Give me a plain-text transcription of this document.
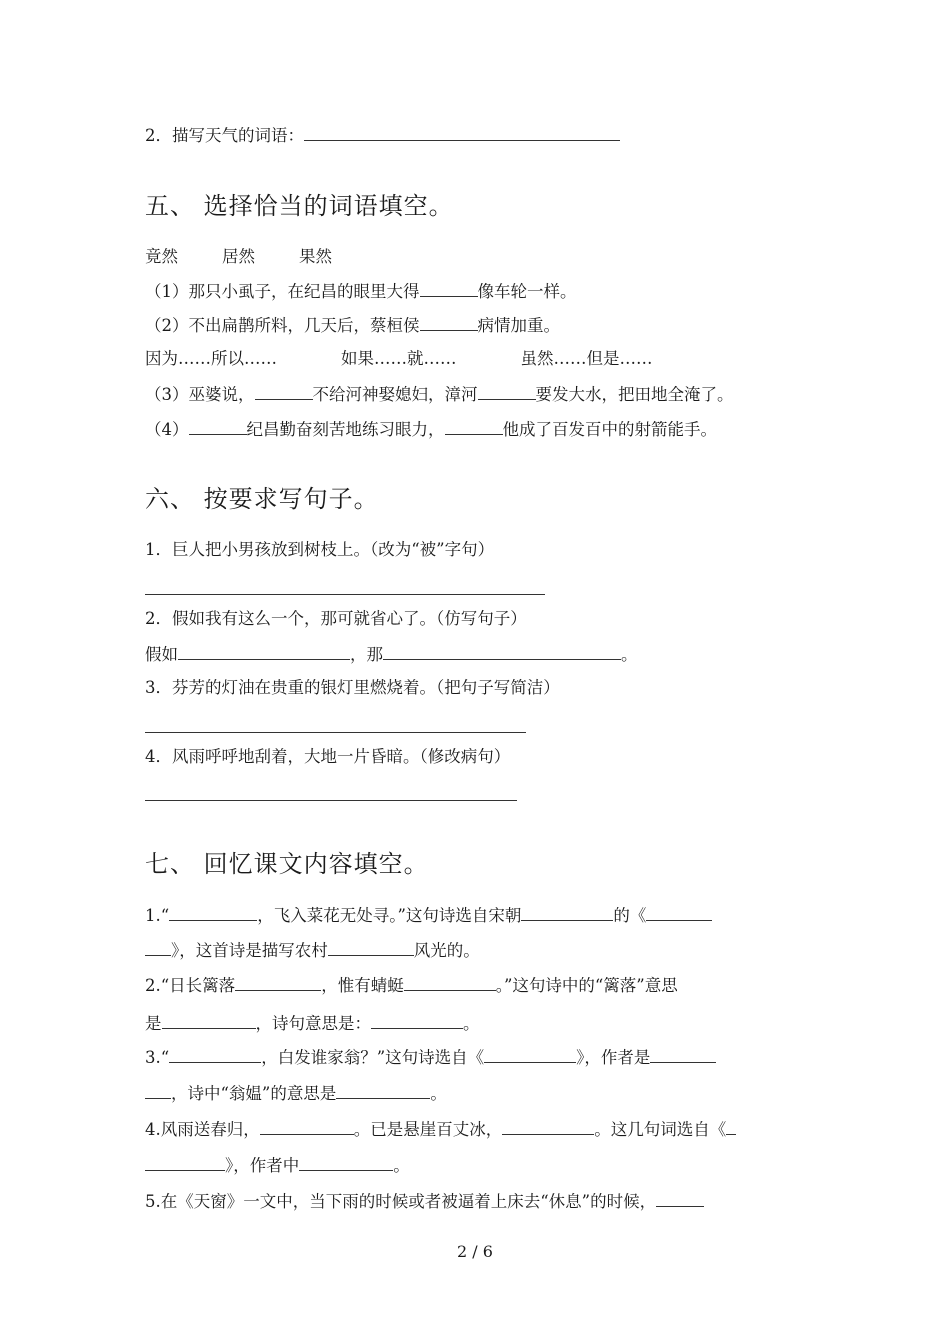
2．描写天气的词语：
五、 选择恰当的词语填空。
竟然	居然	果然
（1）那只小虱子，在纪昌的眼里大得	像车轮一样。
（2）不出扁鹊所料，几天后，蔡桓侯	病情加重。
因为……所以……	如果……就……	虽然……但是……
（3）巫婆说，	不给河神娶媳妇，漳河	要发大水，把田地全淹了。
（4）	纪昌勤奋刻苦地练习眼力，	他成了百发百中的射箭能手。
六、 按要求写句子。
1．巨人把小男孩放到树枝上。（改为“被”字句）
2．假如我有这么一个，那可就省心了。（仿写句子）
假如	，那	。
3．芬芳的灯油在贵重的银灯里燃烧着。（把句子写简洁）
4．风雨呼呼地刮着，大地一片昏暗。（修改病句）
七、 回忆课文内容填空。
1.“	，飞入菜花无处寻。”这句诗选自宋朝	的《
》，这首诗是描写农村	风光的。
2.“日长篱落	，惟有蜻蜓	。”这句诗中的“篱落”意思
是	，诗句意思是：	。
3.“	，白发谁家翁？”这句诗选自《	》，作者是
，诗中“翁媪”的意思是	。
4.风雨送春归，	。已是悬崖百丈冰，	。这几句词选自《
》，作者中	。
5.在《天窗》一文中，当下雨的时候或者被逼着上床去“休息”的时候，
2 / 6
